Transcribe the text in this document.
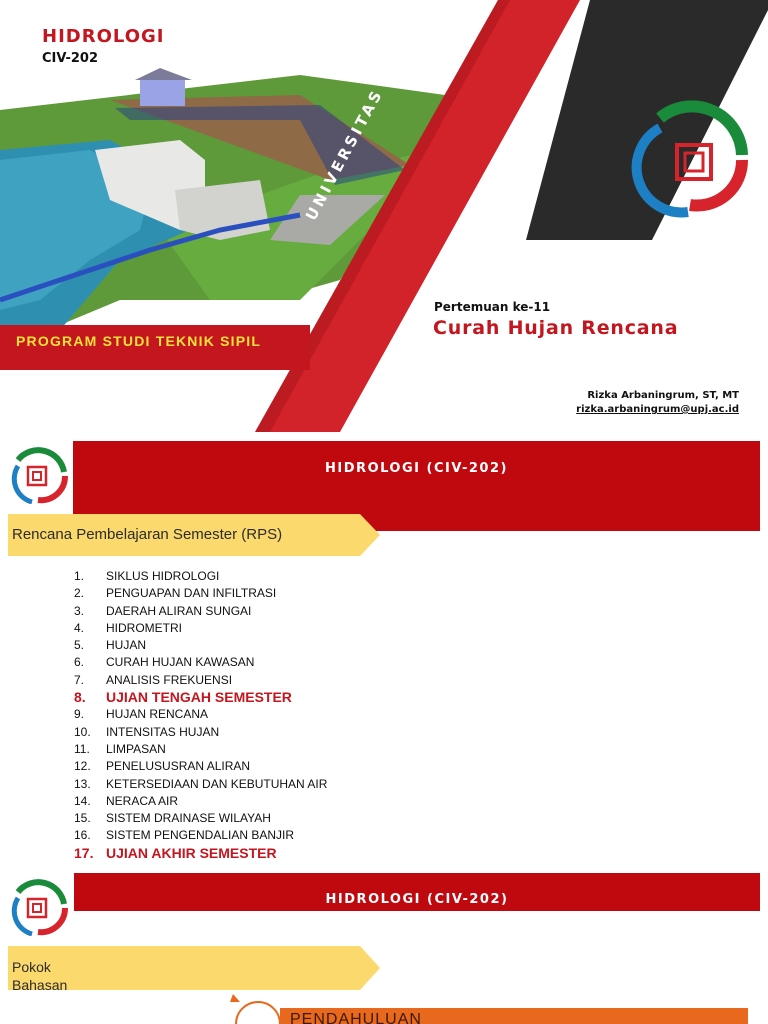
HIDROLOGI
CIV-202
PROGRAM STUDI TEKNIK SIPIL
UNIVERSITAS PEMBANGUNAN
Pertemuan ke-11
Curah Hujan Rencana
Rizka Arbaningrum, ST, MT
rizka.arbaningrum@upj.ac.id
HIDROLOGI (CIV-202)
Rencana Pembelajaran Semester (RPS)
1. SIKLUS HIDROLOGI
2. PENGUAPAN DAN INFILTRASI
3. DAERAH ALIRAN SUNGAI
4. HIDROMETRI
5. HUJAN
6. CURAH HUJAN KAWASAN
7. ANALISIS FREKUENSI
8. UJIAN TENGAH SEMESTER
9. HUJAN RENCANA
10. INTENSITAS HUJAN
11. LIMPASAN
12. PENELUSUSRAN ALIRAN
13. KETERSEDIAAN DAN KEBUTUHAN AIR
14. NERACA AIR
15. SISTEM DRAINASE WILAYAH
16. SISTEM PENGENDALIAN BANJIR
17. UJIAN AKHIR SEMESTER
HIDROLOGI (CIV-202)
Pokok Bahasan
PENDAHULUAN
